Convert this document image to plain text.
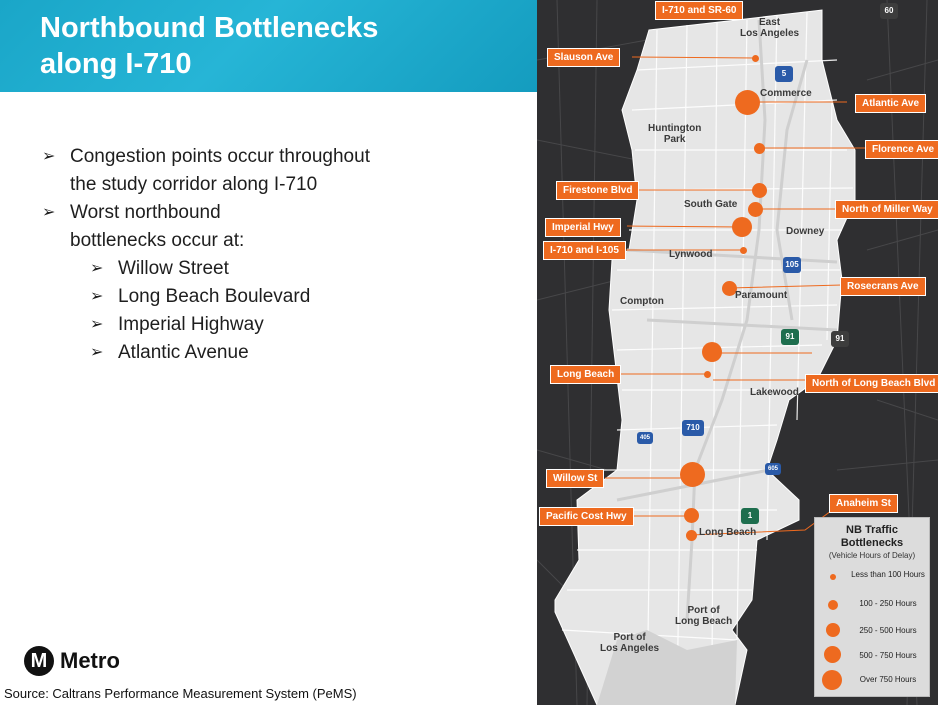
Northbound Bottlenecks
along I-710
➢ Congestion points occur throughout
the study corridor along I-710
➢ Worst northbound
bottlenecks occur at:
➢ Willow Street
➢ Long Beach Boulevard
➢ Imperial Highway
➢ Atlantic Avenue
M Metro
Source: Caltrans Performance Measurement System (PeMS)
East
Los Angeles
Commerce
Huntington
Park
South Gate
Downey
Lynwood
Compton
Paramount
Lakewood
Long Beach
Port of
Long Beach
Port of
Los Angeles
5
105
91	91
710
405
605
1
60
I-710 and SR-60
Slauson Ave
Atlantic Ave
Florence Ave
Firestone Blvd
North of Miller Way
Imperial Hwy
I-710 and I-105
Rosecrans Ave
North of Long Beach Blvd
Long Beach
Willow St
Pacific Cost Hwy
Anaheim St
NB Traffic
Bottlenecks
(Vehicle Hours of Delay)
Less than 100 Hours
100 - 250 Hours
250 - 500 Hours
500 - 750 Hours
Over 750 Hours
